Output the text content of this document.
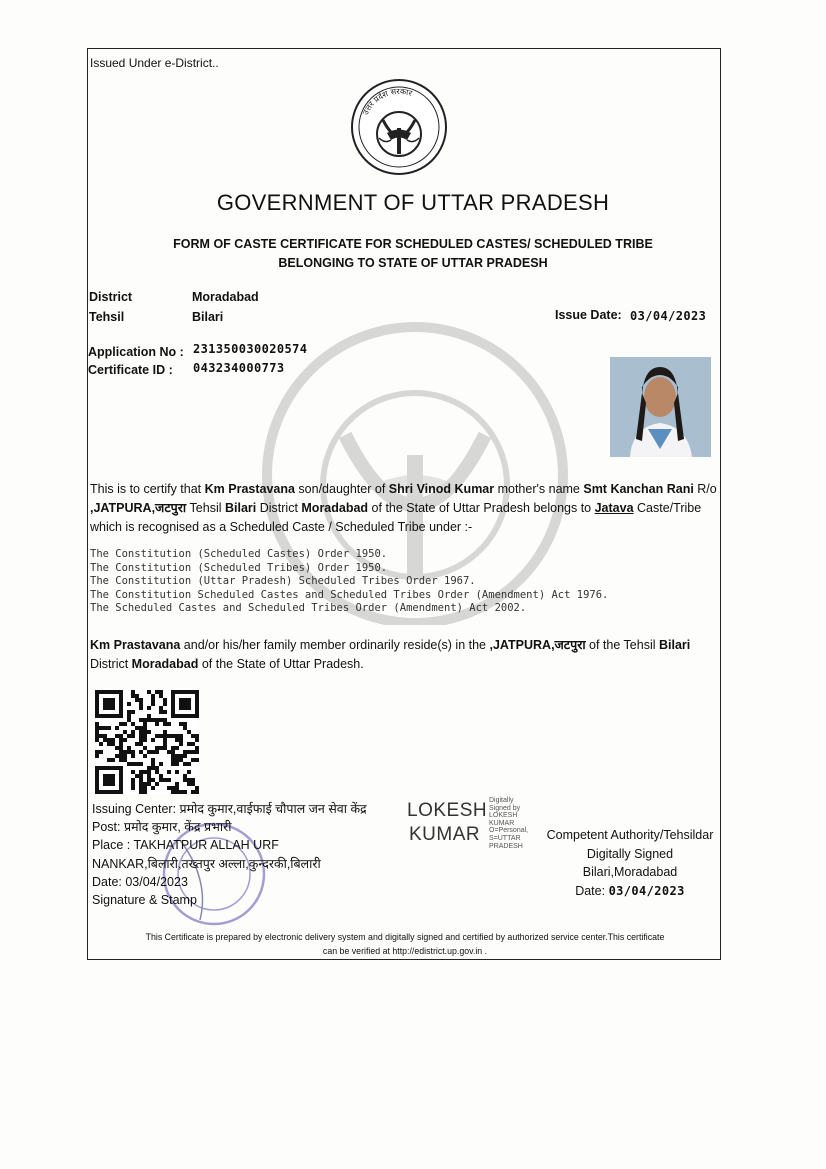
Issued Under e-District..
उत्तर प्रदेश सरकार
GOVERNMENT OF UTTAR PRADESH
FORM OF CASTE CERTIFICATE FOR SCHEDULED CASTES/ SCHEDULED TRIBE
BELONGING TO STATE OF UTTAR PRADESH
District	Moradabad
Tehsil	Bilari	Issue Date: 03/04/2023
Application No : 231350030020574
Certificate ID : 043234000773
This is to certify that Km Prastavana son/daughter of Shri Vinod Kumar mother's name Smt Kanchan Rani R/o ,JATPURA,जटपुरा Tehsil Bilari District Moradabad of the State of Uttar Pradesh belongs to Jatava Caste/Tribe which is recognised as a Scheduled Caste / Scheduled Tribe under :-
The Constitution (Scheduled Castes) Order 1950.
The Constitution (Scheduled Tribes) Order 1950.
The Constitution (Uttar Pradesh) Scheduled Tribes Order 1967.
The Constitution Scheduled Castes and Scheduled Tribes Order (Amendment) Act 1976.
The Scheduled Castes and Scheduled Tribes Order (Amendment) Act 2002.
Km Prastavana and/or his/her family member ordinarily reside(s) in the ,JATPURA,जटपुरा of the Tehsil Bilari District Moradabad of the State of Uttar Pradesh.
Issuing Center: प्रमोद कुमार,वाईफाई चौपाल जन सेवा केंद्र
Post: प्रमोद कुमार, केंद्र प्रभारी
Place : TAKHATPUR ALLAH URF
NANKAR,बिलारी,तख्तपुर अल्ला,कुन्दरकी,बिलारी
Date: 03/04/2023
Signature & Stamp
LOKESH
KUMAR
Digitally
Signed by
LOKESH
KUMAR
O=Personal,
S=UTTAR
PRADESH
Competent Authority/Tehsildar
Digitally Signed
Bilari,Moradabad
Date: 03/04/2023
This Certificate is prepared by electronic delivery system and digitally signed and certified by authorized service center.This certificate
can be verified at http://edistrict.up.gov.in .
